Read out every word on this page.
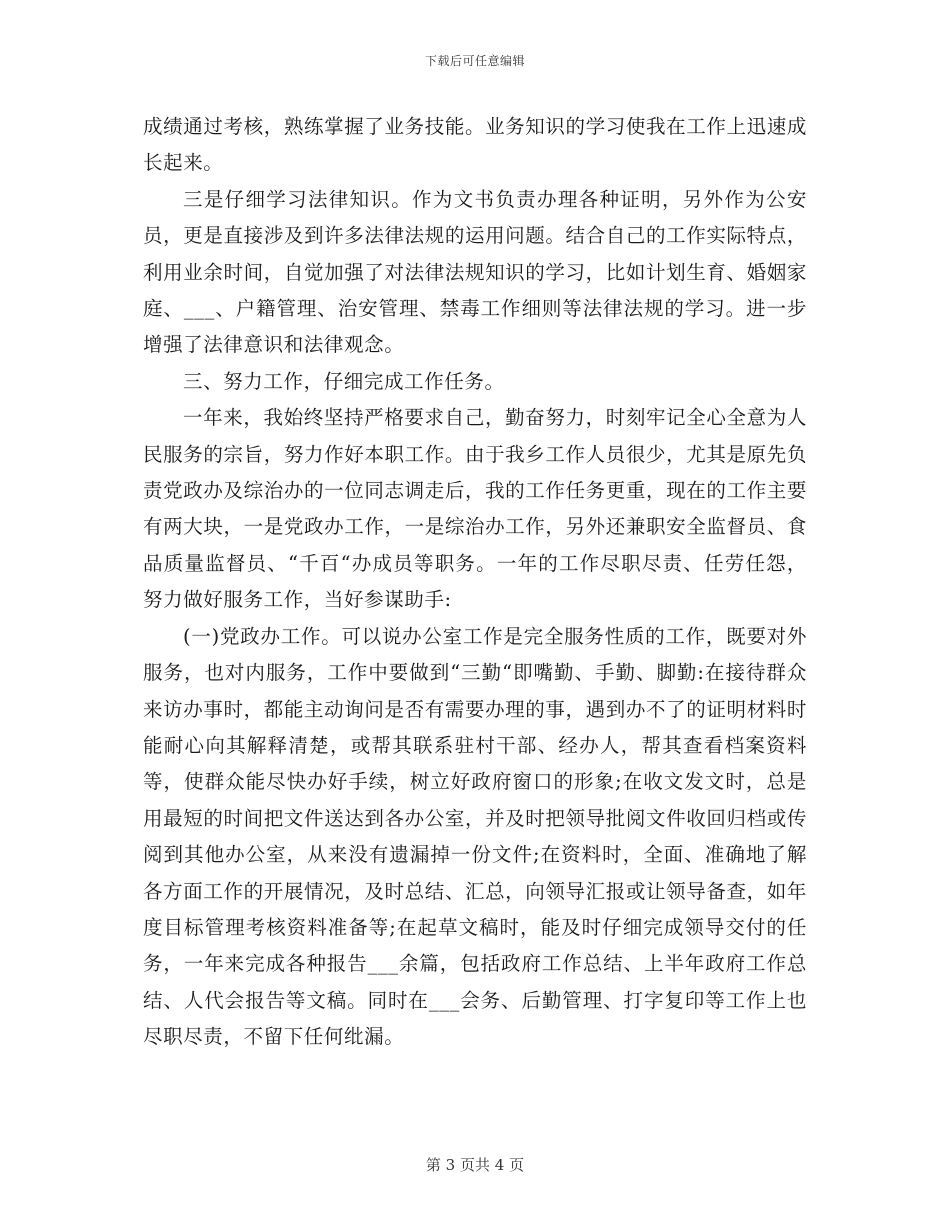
下载后可任意编辑

成绩通过考核，熟练掌握了业务技能。业务知识的学习使我在工作上迅速成长起来。

三是仔细学习法律知识。作为文书负责办理各种证明，另外作为公安员，更是直接涉及到许多法律法规的运用问题。结合自己的工作实际特点，利用业余时间，自觉加强了对法律法规知识的学习，比如计划生育、婚姻家庭、___、户籍管理、治安管理、禁毒工作细则等法律法规的学习。进一步增强了法律意识和法律观念。

三、努力工作，仔细完成工作任务。

一年来，我始终坚持严格要求自己，勤奋努力，时刻牢记全心全意为人民服务的宗旨，努力作好本职工作。由于我乡工作人员很少，尤其是原先负责党政办及综治办的一位同志调走后，我的工作任务更重，现在的工作主要有两大块，一是党政办工作，一是综治办工作，另外还兼职安全监督员、食品质量监督员、“千百“办成员等职务。一年的工作尽职尽责、任劳任怨，努力做好服务工作，当好参谋助手:

(一)党政办工作。可以说办公室工作是完全服务性质的工作，既要对外服务，也对内服务，工作中要做到“三勤“即嘴勤、手勤、脚勤:在接待群众来访办事时，都能主动询问是否有需要办理的事，遇到办不了的证明材料时能耐心向其解释清楚，或帮其联系驻村干部、经办人，帮其查看档案资料等，使群众能尽快办好手续，树立好政府窗口的形象;在收文发文时，总是用最短的时间把文件送达到各办公室，并及时把领导批阅文件收回归档或传阅到其他办公室，从来没有遗漏掉一份文件;在资料时，全面、准确地了解各方面工作的开展情况，及时总结、汇总，向领导汇报或让领导备查，如年度目标管理考核资料准备等;在起草文稿时，能及时仔细完成领导交付的任务，一年来完成各种报告___余篇，包括政府工作总结、上半年政府工作总结、人代会报告等文稿。同时在___会务、后勤管理、打字复印等工作上也尽职尽责，不留下任何纰漏。

第 3 页共 4 页
